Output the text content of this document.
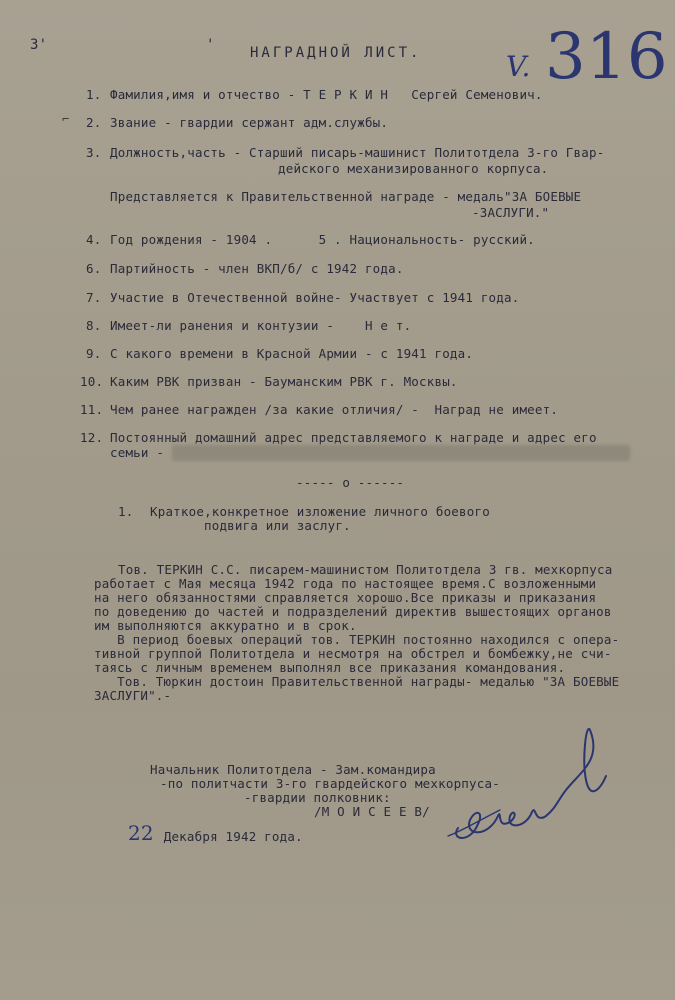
3'	'	НАГРАДНОЙ ЛИСТ.	V. 316
1. Фамилия,имя и отчество - Т Е Р К И Н   Сергей Семенович.
⌐ 2. Звание - гвардии сержант адм.службы.
3. Должность,часть - Старший писарь-машинист Политотдела 3-го Гвар-
дейского механизированного корпуса.
Представляется к Правительственной награде - медаль"ЗА БОЕВЫЕ
-ЗАСЛУГИ."
4. Год рождения - 1904 .      5 . Национальность- русский.
6. Партийность - член ВКП/б/ с 1942 года.
7. Участие в Отечественной войне- Участвует с 1941 года.
8. Имеет-ли ранения и контузии -    Н е т.
9. С какого времени в Красной Армии - с 1941 года.
10. Каким РВК призван - Бауманским РВК г. Москвы.
11. Чем ранее награжден /за какие отличия/ -  Наград не имеет.
12. Постоянный домашний адрес представляемого к награде и адрес его
семьи -
----- о ------
1. Краткое,конкретное изложение личного боевого
подвига или заслуг.
Тов. ТЕРКИН С.С. писарем-машинистом Политотдела 3 гв. мехкорпуса
работает с Мая месяца 1942 года по настоящее время.С возложенными
на него обязанностями справляется хорошо.Все приказы и приказания
по доведению до частей и подразделений директив вышестоящих органов
им выполняются аккуратно и в срок.
В период боевых операций тов. ТЕРКИН постоянно находился с опера-
тивной группой Политотдела и несмотря на обстрел и бомбежку,не счи-
таясь с личным временем выполнял все приказания командования.
Тов. Тюркин достоин Правительственной награды- медалью "ЗА БОЕВЫЕ
ЗАСЛУГИ".-
Начальник Политотдела - Зам.командира
-по политчасти 3-го гвардейского мехкорпуса-
-гвардии полковник:
/М О И С Е Е В/
22 Декабря 1942 года.
